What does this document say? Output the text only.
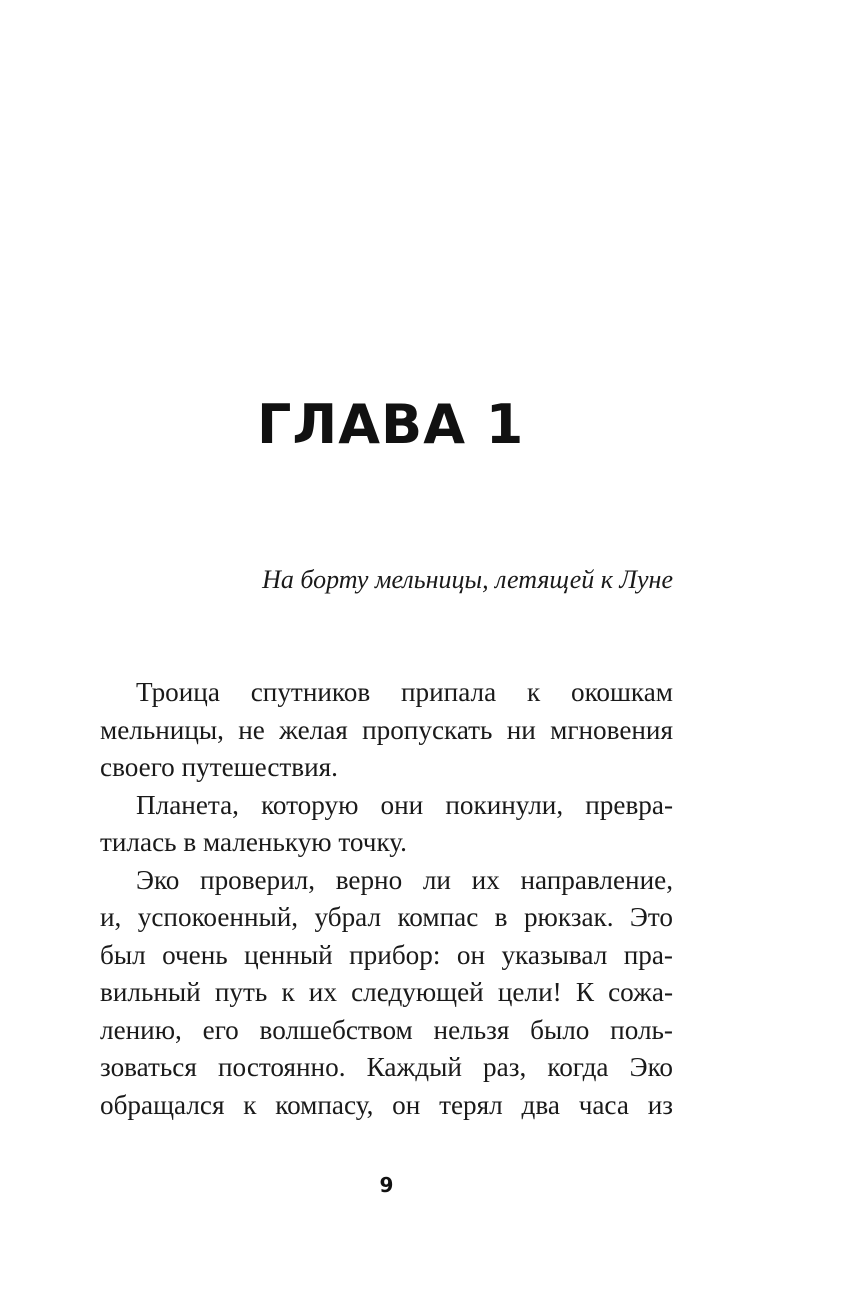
ГЛАВА 1

На борту мельницы, летящей к Луне

Троица спутников припала к окошкам
мельницы, не желая пропускать ни мгновения
своего путешествия.
Планета, которую они покинули, превра-
тилась в маленькую точку.
Эко проверил, верно ли их направление,
и, успокоенный, убрал компас в рюкзак. Это
был очень ценный прибор: он указывал пра-
вильный путь к их следующей цели! К сожа-
лению, его волшебством нельзя было поль-
зоваться постоянно. Каждый раз, когда Эко
обращался к компасу, он терял два часа из
9
